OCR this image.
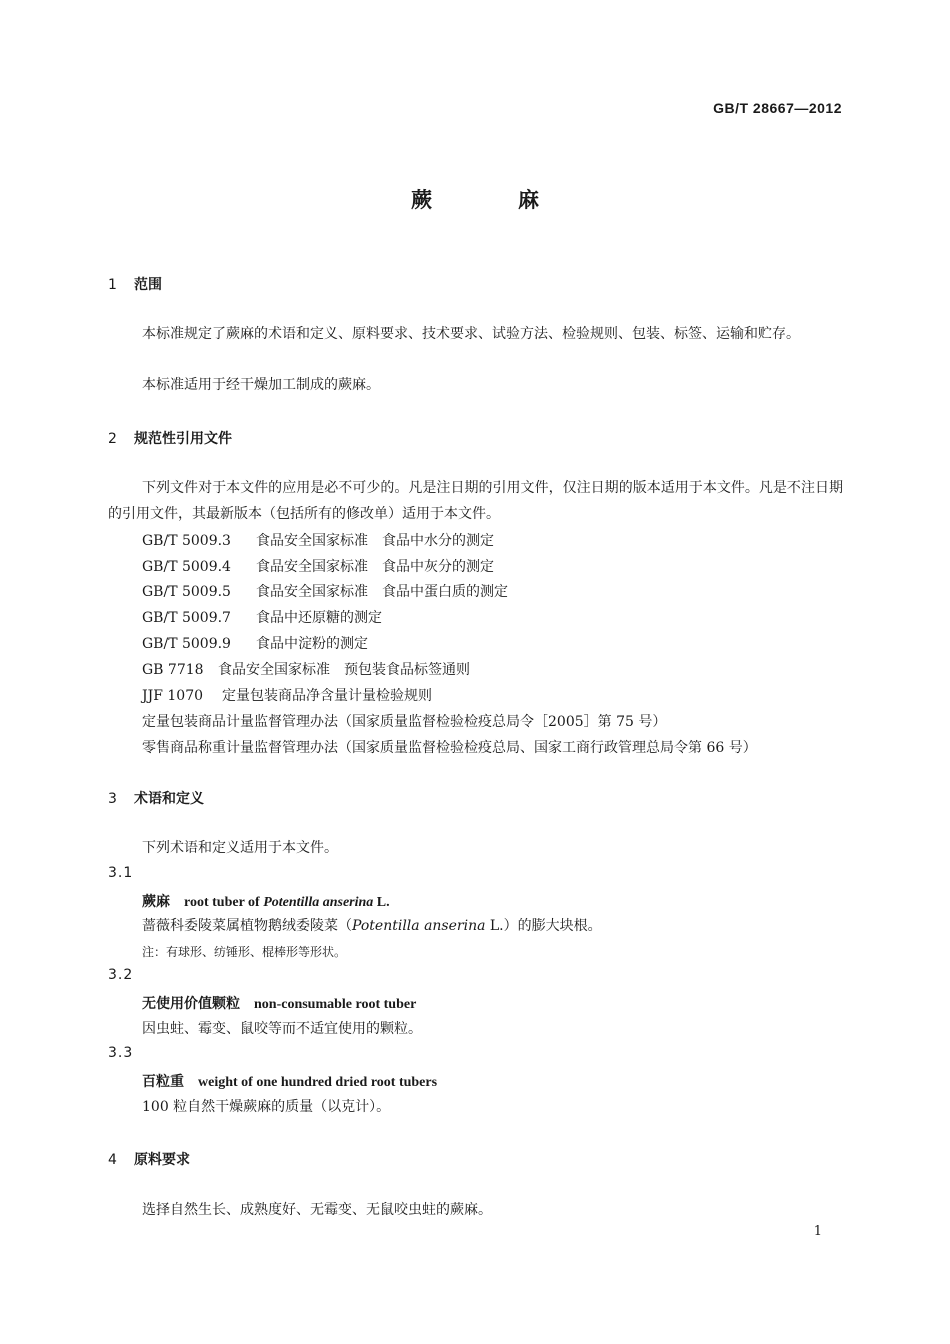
GB/T 28667—2012
蕨	麻
1 范围
本标准规定了蕨麻的术语和定义、原料要求、技术要求、试验方法、检验规则、包装、标签、运输和贮存。
本标准适用于经干燥加工制成的蕨麻。
2 规范性引用文件
下列文件对于本文件的应用是必不可少的。凡是注日期的引用文件，仅注日期的版本适用于本文件。凡是不注日期的引用文件，其最新版本（包括所有的修改单）适用于本文件。
GB/T 5009.3 食品安全国家标准　食品中水分的测定
GB/T 5009.4 食品安全国家标准　食品中灰分的测定
GB/T 5009.5 食品安全国家标准　食品中蛋白质的测定
GB/T 5009.7 食品中还原糖的测定
GB/T 5009.9 食品中淀粉的测定
GB 7718 食品安全国家标准　预包装食品标签通则
JJF 1070 定量包装商品净含量计量检验规则
定量包装商品计量监督管理办法（国家质量监督检验检疫总局令［2005］第 75 号）
零售商品称重计量监督管理办法（国家质量监督检验检疫总局、国家工商行政管理总局令第 66 号）
3 术语和定义
下列术语和定义适用于本文件。
3.1
蕨麻 root tuber of Potentilla anserina L.
蔷薇科委陵菜属植物鹅绒委陵菜（Potentilla anserina L.）的膨大块根。
注：有球形、纺锤形、棍棒形等形状。
3.2
无使用价值颗粒 non-consumable root tuber
因虫蛀、霉变、鼠咬等而不适宜使用的颗粒。
3.3
百粒重 weight of one hundred dried root tubers
100 粒自然干燥蕨麻的质量（以克计）。
4 原料要求
选择自然生长、成熟度好、无霉变、无鼠咬虫蛀的蕨麻。
1
